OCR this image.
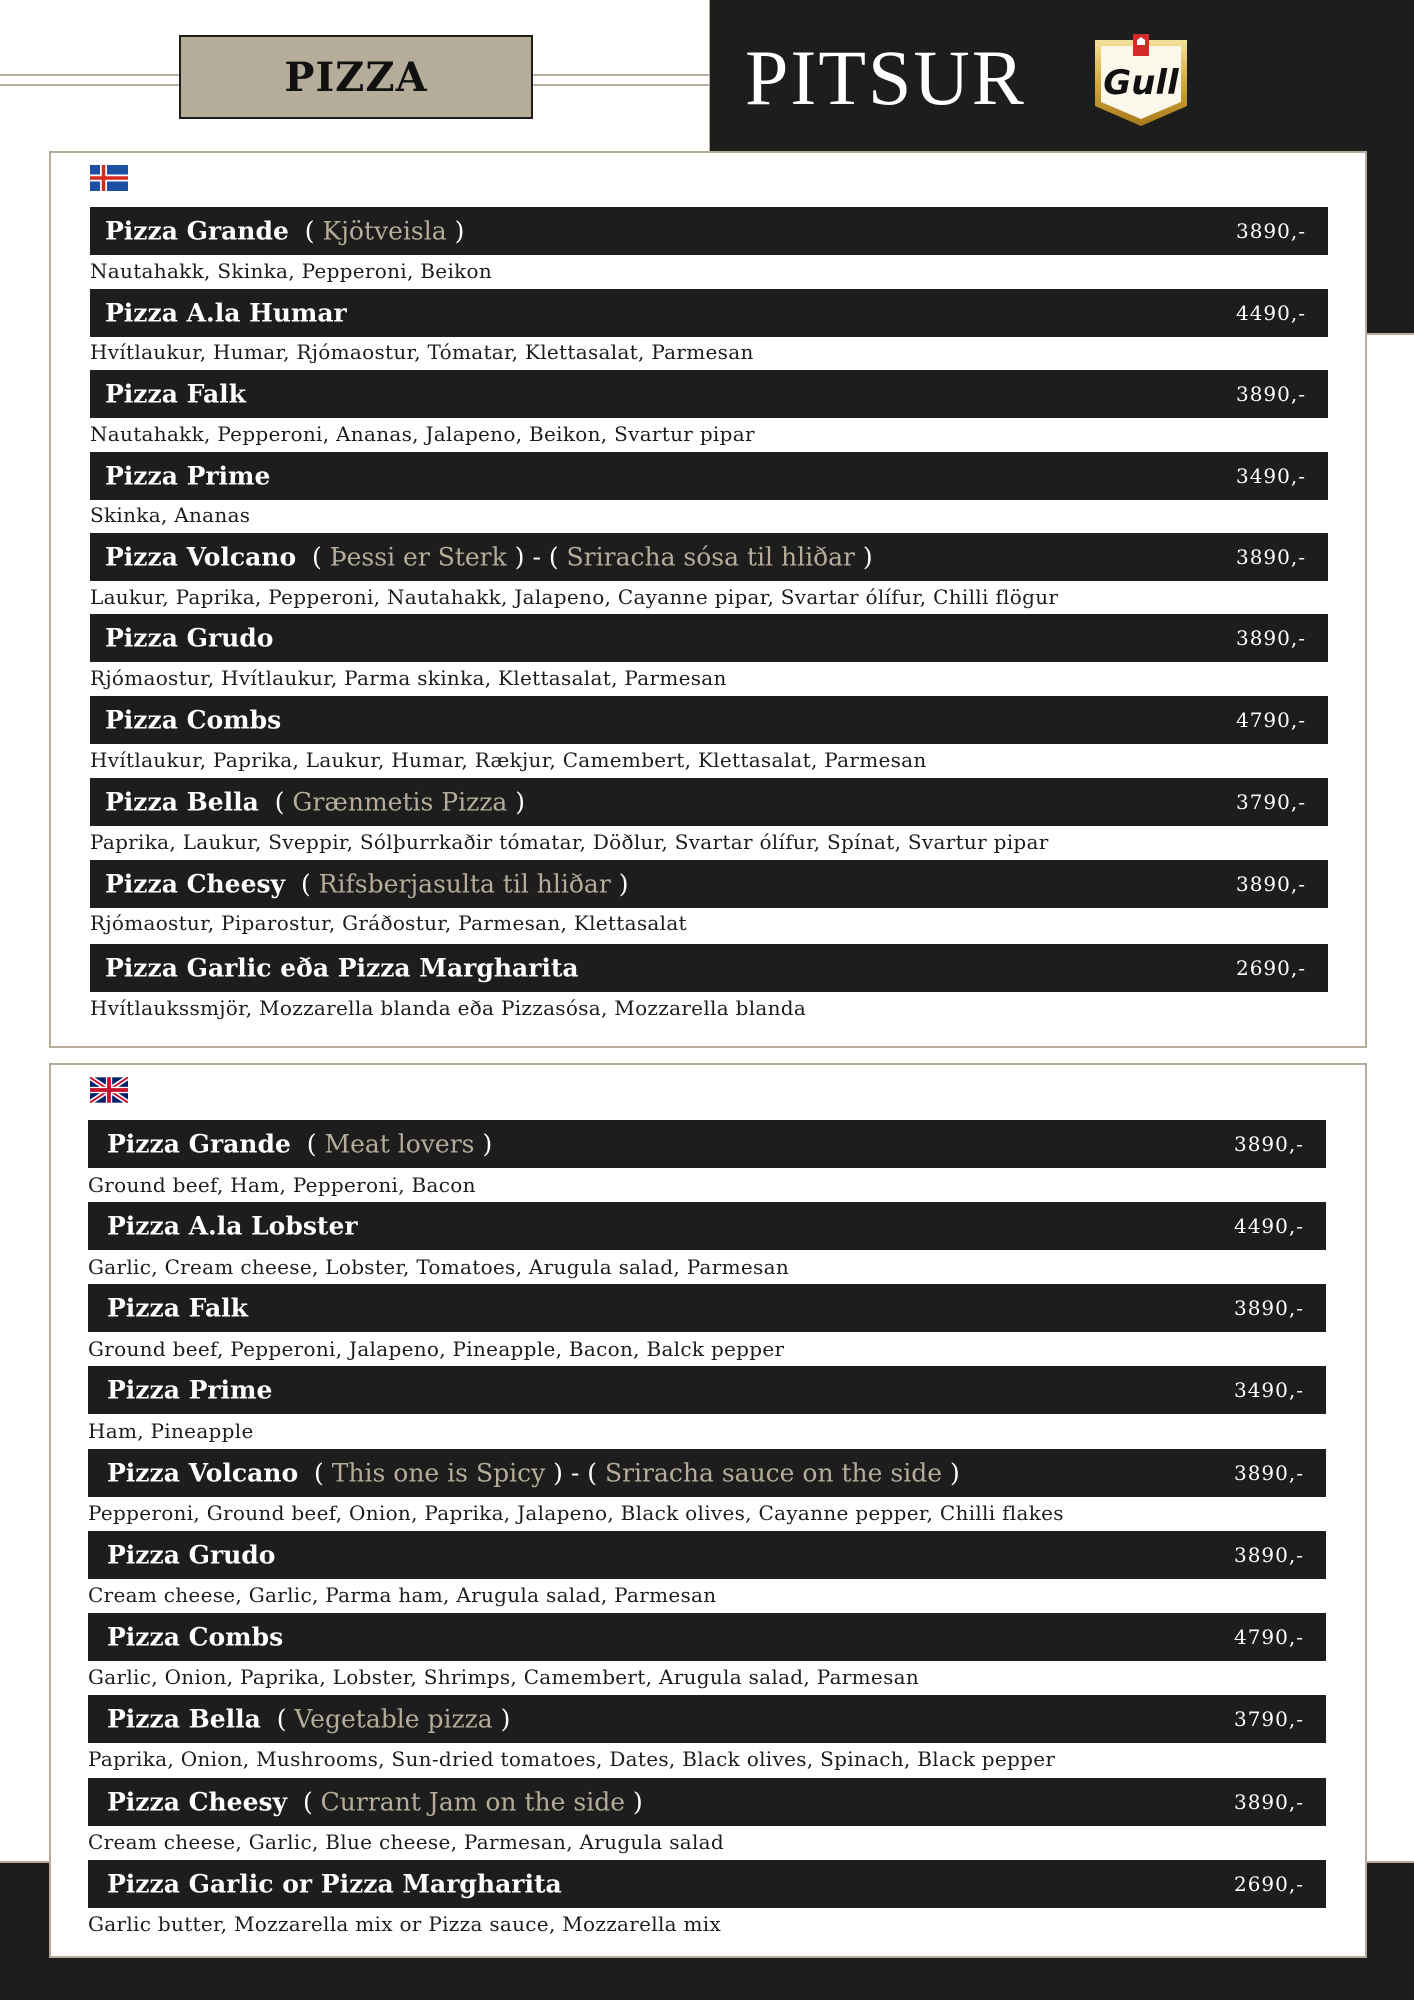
PIZZA	PITSUR Gull
Pizza Grande  ( Kjötveisla )	3890,-
Nautahakk, Skinka, Pepperoni, Beikon
Pizza A.la Humar	4490,-
Hvítlaukur, Humar, Rjómaostur, Tómatar, Klettasalat, Parmesan
Pizza Falk	3890,-
Nautahakk, Pepperoni, Ananas, Jalapeno, Beikon, Svartur pipar
Pizza Prime	3490,-
Skinka, Ananas
Pizza Volcano  ( Þessi er Sterk ) - ( Sriracha sósa til hliðar )	3890,-
Laukur, Paprika, Pepperoni, Nautahakk, Jalapeno, Cayanne pipar, Svartar ólífur, Chilli flögur
Pizza Grudo	3890,-
Rjómaostur, Hvítlaukur, Parma skinka, Klettasalat, Parmesan
Pizza Combs	4790,-
Hvítlaukur, Paprika, Laukur, Humar, Rækjur, Camembert, Klettasalat, Parmesan
Pizza Bella  ( Grænmetis Pizza )	3790,-
Paprika, Laukur, Sveppir, Sólþurrkaðir tómatar, Döðlur, Svartar ólífur, Spínat, Svartur pipar
Pizza Cheesy  ( Rifsberjasulta til hliðar )	3890,-
Rjómaostur, Piparostur, Gráðostur, Parmesan, Klettasalat
Pizza Garlic eða Pizza Margharita	2690,-
Hvítlaukssmjör, Mozzarella blanda eða Pizzasósa, Mozzarella blanda
Pizza Grande  ( Meat lovers )	3890,-
Ground beef, Ham, Pepperoni, Bacon
Pizza A.la Lobster	4490,-
Garlic, Cream cheese, Lobster, Tomatoes, Arugula salad, Parmesan
Pizza Falk	3890,-
Ground beef, Pepperoni, Jalapeno, Pineapple, Bacon, Balck pepper
Pizza Prime	3490,-
Ham, Pineapple
Pizza Volcano  ( This one is Spicy ) - ( Sriracha sauce on the side )	3890,-
Pepperoni, Ground beef, Onion, Paprika, Jalapeno, Black olives, Cayanne pepper, Chilli flakes
Pizza Grudo	3890,-
Cream cheese, Garlic, Parma ham, Arugula salad, Parmesan
Pizza Combs	4790,-
Garlic, Onion, Paprika, Lobster, Shrimps, Camembert, Arugula salad, Parmesan
Pizza Bella  ( Vegetable pizza )	3790,-
Paprika, Onion, Mushrooms, Sun-dried tomatoes, Dates, Black olives, Spinach, Black pepper
Pizza Cheesy  ( Currant Jam on the side )	3890,-
Cream cheese, Garlic, Blue cheese, Parmesan, Arugula salad
Pizza Garlic or Pizza Margharita	2690,-
Garlic butter, Mozzarella mix or Pizza sauce, Mozzarella mix
